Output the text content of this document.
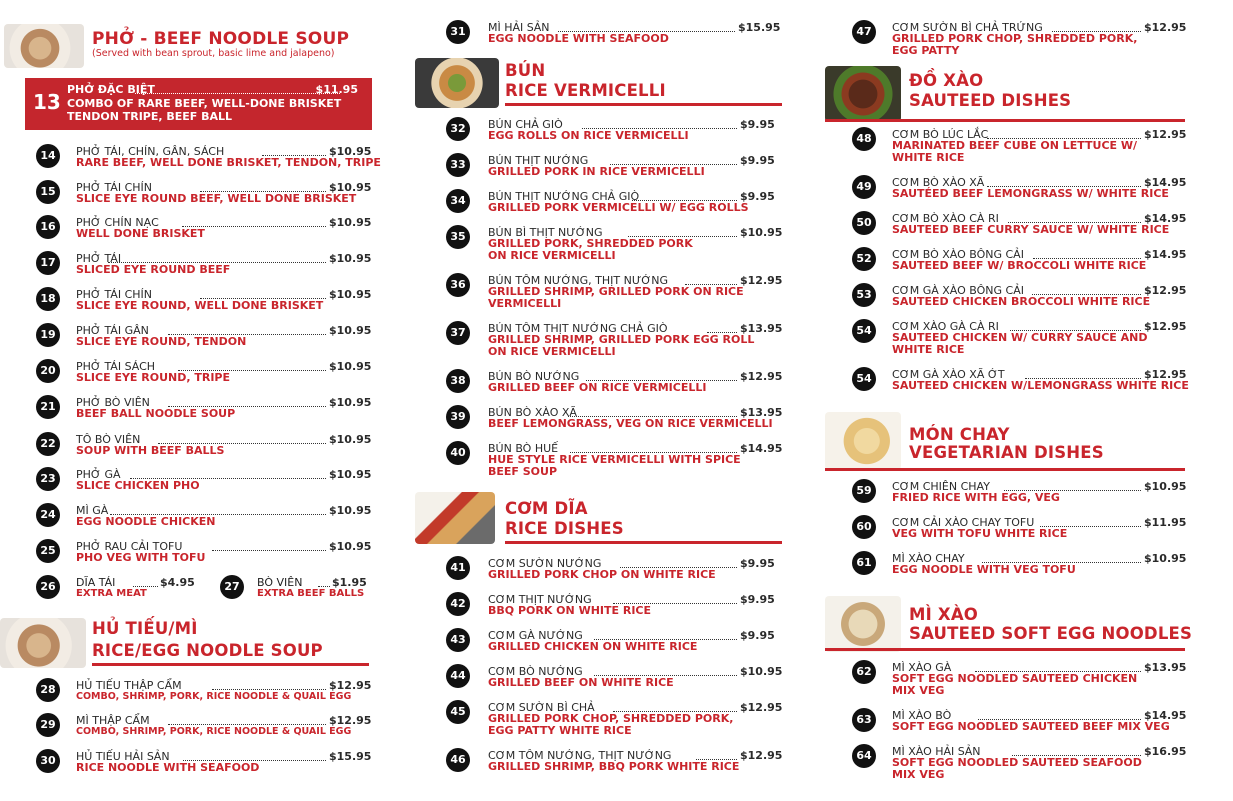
PHỞ - BEEF NOODLE SOUP
(Served with bean sprout, basic lime and jalapeno)
13
PHỞ ĐẶC BIỆT	$11.95
COMBO OF RARE BEEF, WELL-DONE BRISKET
TENDON TRIPE, BEEF BALL
14	PHỞ TÁI, CHÍN, GÂN, SÁCH	$10.95
RARE BEEF, WELL DONE BRISKET, TENDON, TRIPE
15	PHỞ TÁI CHÍN	$10.95
SLICE EYE ROUND BEEF, WELL DONE BRISKET
16	PHỞ CHÍN NẠC	$10.95
WELL DONE BRISKET
17	PHỞ TÁI	$10.95
SLICED EYE ROUND BEEF
18	PHỞ TÁI CHÍN	$10.95
SLICE EYE ROUND, WELL DONE BRISKET
19	PHỞ TÁI GÂN	$10.95
SLICE EYE ROUND, TENDON
20	PHỞ TÁI SÁCH	$10.95
SLICE EYE ROUND, TRIPE
21	PHỞ BÒ VIÊN	$10.95
BEEF BALL NOODLE SOUP
22	TÔ BÒ VIÊN	$10.95
SOUP WITH BEEF BALLS
23	PHỞ GÀ	$10.95
SLICE CHICKEN PHO
24	MÌ GÀ	$10.95
EGG NOODLE CHICKEN
25	PHỞ RAU CẢI TOFU	$10.95
PHO VEG WITH TOFU
26	DĨA TÁI	$4.95
EXTRA MEAT
27	BÒ VIÊN	$1.95
EXTRA BEEF BALLS
HỦ TIẾU/MÌ
RICE/EGG NOODLE SOUP
28	HỦ TIẾU THẬP CẨM	$12.95
COMBO, SHRIMP, PORK, RICE NOODLE & QUAIL EGG
29	MÌ THẬP CẨM	$12.95
COMBO, SHRIMP, PORK, RICE NOODLE & QUAIL EGG
30	HỦ TIẾU HẢI SẢN	$15.95
RICE NOODLE WITH SEAFOOD
31	MÌ HẢI SẢN	$15.95
EGG NOODLE WITH SEAFOOD
BÚN
RICE VERMICELLI
32	BÚN CHẢ GIÒ	$9.95
EGG ROLLS ON RICE VERMICELLI
33	BÚN THỊT NƯỚNG	$9.95
GRILLED PORK IN RICE VERMICELLI
34	BÚN THỊT NƯỚNG CHẢ GIÒ	$9.95
GRILLED PORK VERMICELLI W/ EGG ROLLS
35	BÚN BÌ THỊT NƯỚNG	$10.95
GRILLED PORK, SHREDDED PORK
ON RICE VERMICELLI
36	BÚN TÔM NƯỚNG, THỊT NƯỚNG	$12.95
GRILLED SHRIMP, GRILLED PORK ON RICE
VERMICELLI
37	BÚN TÔM THỊT NƯỚNG CHẢ GIÒ	$13.95
GRILLED SHRIMP, GRILLED PORK EGG ROLL
ON RICE VERMICELLI
38	BÚN BÒ NƯỚNG	$12.95
GRILLED BEEF ON RICE VERMICELLI
39	BÚN BÒ XÀO XÃ	$13.95
BEEF LEMONGRASS, VEG ON RICE VERMICELLI
40	BÚN BÒ HUẾ	$14.95
HUE STYLE RICE VERMICELLI WITH SPICE
BEEF SOUP
CƠM DĨA
RICE DISHES
41	CƠM SƯỜN NƯỚNG	$9.95
GRILLED PORK CHOP ON WHITE RICE
42	CƠM THỊT NƯỚNG	$9.95
BBQ PORK ON WHITE RICE
43	CƠM GÀ NƯỚNG	$9.95
GRILLED CHICKEN ON WHITE RICE
44	CƠM BÒ NƯỚNG	$10.95
GRILLED BEEF ON WHITE RICE
45	CƠM SƯỜN BÌ CHẢ	$12.95
GRILLED PORK CHOP, SHREDDED PORK,
EGG PATTY WHITE RICE
46	CƠM TÔM NƯỚNG, THỊT NƯỚNG	$12.95
GRILLED SHRIMP, BBQ PORK WHITE RICE
47	CƠM SƯỜN BÌ CHẢ TRỨNG	$12.95
GRILLED PORK CHOP, SHREDDED PORK,
EGG PATTY
ĐỒ XÀO
SAUTEED DISHES
48	CƠM BÒ LÚC LẮC	$12.95
MARINATED BEEF CUBE ON LETTUCE W/
WHITE RICE
49	CƠM BÒ XÀO XÃ	$14.95
SAUTÉED BEEF LEMONGRASS W/ WHITE RICE
50	CƠM BÒ XÀO CÀ RI	$14.95
SAUTEED BEEF CURRY SAUCE W/ WHITE RICE
52	CƠM BÒ XÀO BÔNG CẢI	$14.95
SAUTEED BEEF W/ BROCCOLI WHITE RICE
53	CƠM GÀ XÀO BÔNG CẢI	$12.95
SAUTEED CHICKEN BROCCOLI WHITE RICE
54	CƠM XÀO GÀ CÀ RI	$12.95
SAUTEED CHICKEN W/ CURRY SAUCE AND
WHITE RICE
54	CƠM GÀ XÀO XÃ ỚT	$12.95
SAUTEED CHICKEN W/LEMONGRASS WHITE RICE
MÓN CHAY
VEGETARIAN DISHES
59	CƠM CHIÊN CHAY	$10.95
FRIED RICE WITH EGG, VEG
60	CƠM CẢI XÀO CHAY TOFU	$11.95
VEG WITH TOFU WHITE RICE
61	MÌ XÀO CHAY	$10.95
EGG NOODLE WITH VEG TOFU
MÌ XÀO
SAUTEED SOFT EGG NOODLES
62	MÌ XÀO GÀ	$13.95
SOFT EGG NOODLED SAUTEED CHICKEN
MIX VEG
63	MÌ XÀO BÒ	$14.95
SOFT EGG NOODLED SAUTEED BEEF MIX VEG
64	MÌ XÀO HẢI SẢN	$16.95
SOFT EGG NOODLED SAUTEED SEAFOOD
MIX VEG
